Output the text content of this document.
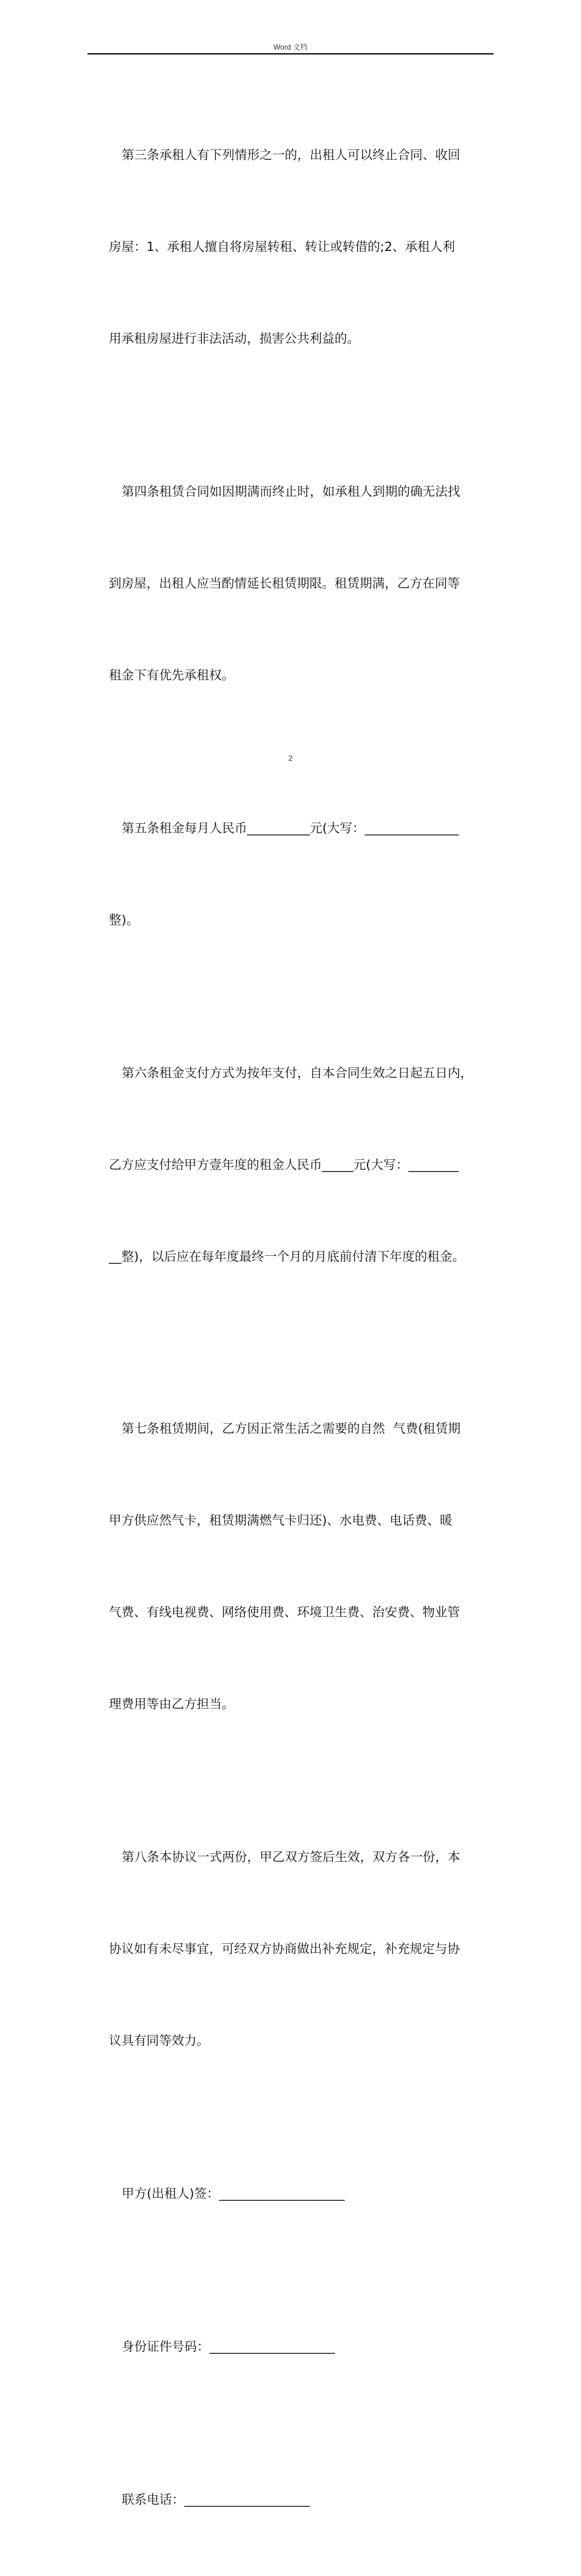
Word 文档

第三条承租人有下列情形之一的，出租人可以终止合同、收回

房屋：1、承租人擅自将房屋转租、转让或转借的;2、承租人利

用承租房屋进行非法活动，损害公共利益的。

第四条租赁合同如因期满而终止时，如承租人到期的确无法找

到房屋，出租人应当酌情延长租赁期限。租赁期满，乙方在同等

租金下有优先承租权。

第五条租金每月人民币__________元(大写：_______________

整)。

第六条租金支付方式为按年支付，自本合同生效之日起五日内，

乙方应支付给甲方壹年度的租金人民币_____元(大写：________

__整)，以后应在每年度最终一个月的月底前付清下年度的租金。

第七条租赁期间，乙方因正常生活之需要的自然  气费(租赁期

甲方供应然气卡，租赁期满燃气卡归还)、水电费、电话费、暖

气费、有线电视费、网络使用费、环境卫生费、治安费、物业管

理费用等由乙方担当。

第八条本协议一式两份，甲乙双方签后生效，双方各一份，本

协议如有未尽事宜，可经双方协商做出补充规定，补充规定与协

议具有同等效力。

甲方(出租人)签：____________________

身份证件号码：____________________

联系电话：____________________

2
